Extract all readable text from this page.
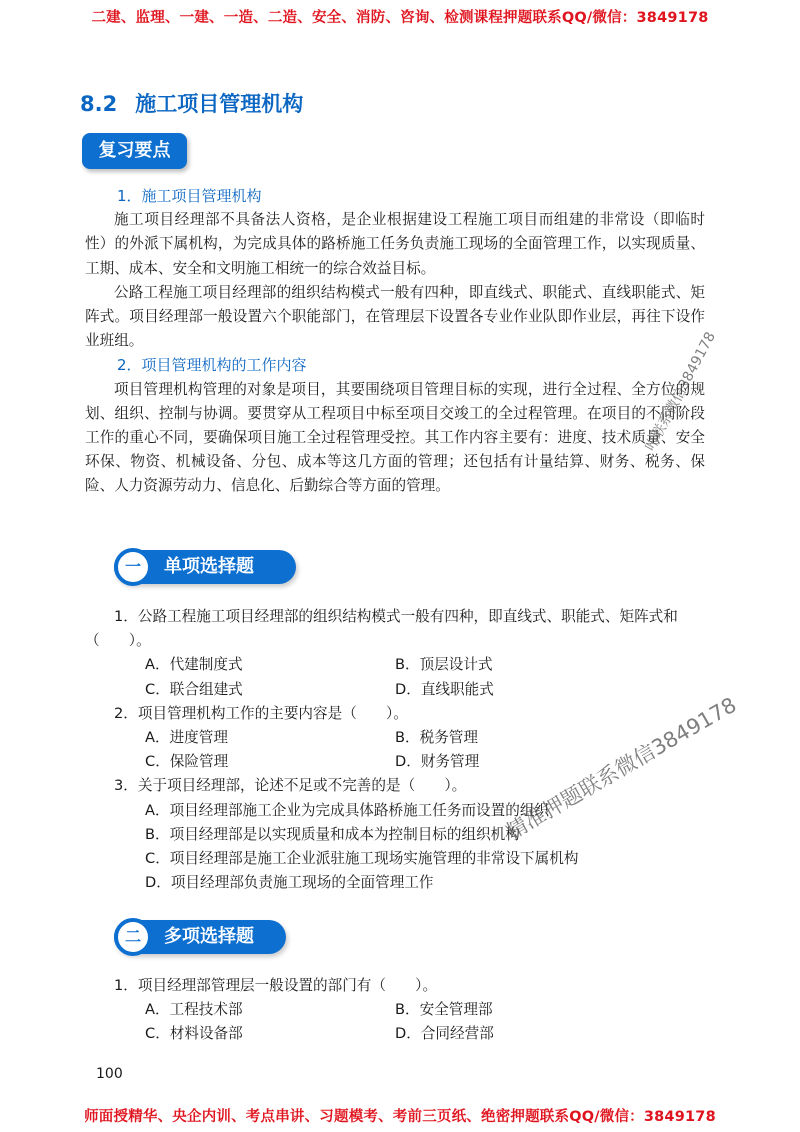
二建、监理、一建、一造、二造、安全、消防、咨询、检测课程押题联系QQ/微信：3849178
8.2 施工项目管理机构
复习要点
1．施工项目管理机构
施工项目经理部不具备法人资格，是企业根据建设工程施工项目而组建的非常设（即临时性）的外派下属机构，为完成具体的路桥施工任务负责施工现场的全面管理工作，以实现质量、工期、成本、安全和文明施工相统一的综合效益目标。
公路工程施工项目经理部的组织结构模式一般有四种，即直线式、职能式、直线职能式、矩阵式。项目经理部一般设置六个职能部门，在管理层下设置各专业作业队即作业层，再往下设作业班组。
2．项目管理机构的工作内容
项目管理机构管理的对象是项目，其要围绕项目管理目标的实现，进行全过程、全方位的规划、组织、控制与协调。要贯穿从工程项目中标至项目交竣工的全过程管理。在项目的不同阶段工作的重心不同，要确保项目施工全过程管理受控。其工作内容主要有：进度、技术质量、安全环保、物资、机械设备、分包、成本等这几方面的管理；还包括有计量结算、财务、税务、保险、人力资源劳动力、信息化、后勤综合等方面的管理。
一	单项选择题
1．公路工程施工项目经理部的组织结构模式一般有四种，即直线式、职能式、矩阵式和（　　）。
A．代建制度式	B．顶层设计式
C．联合组建式	D．直线职能式
2．项目管理机构工作的主要内容是（　　）。
A．进度管理	B．税务管理
C．保险管理	D．财务管理
3．关于项目经理部，论述不足或不完善的是（　　）。
A．项目经理部施工企业为完成具体路桥施工任务而设置的组织
B．项目经理部是以实现质量和成本为控制目标的组织机构
C．项目经理部是施工企业派驻施工现场实施管理的非常设下属机构
D．项目经理部负责施工现场的全面管理工作
二	多项选择题
1．项目经理部管理层一般设置的部门有（　　）。
A．工程技术部	B．安全管理部
C．材料设备部	D．合同经营部
100
咔联系微信3849178
精准押题联系微信3849178
师面授精华、央企内训、考点串讲、习题模考、考前三页纸、绝密押题联系QQ/微信：3849178
